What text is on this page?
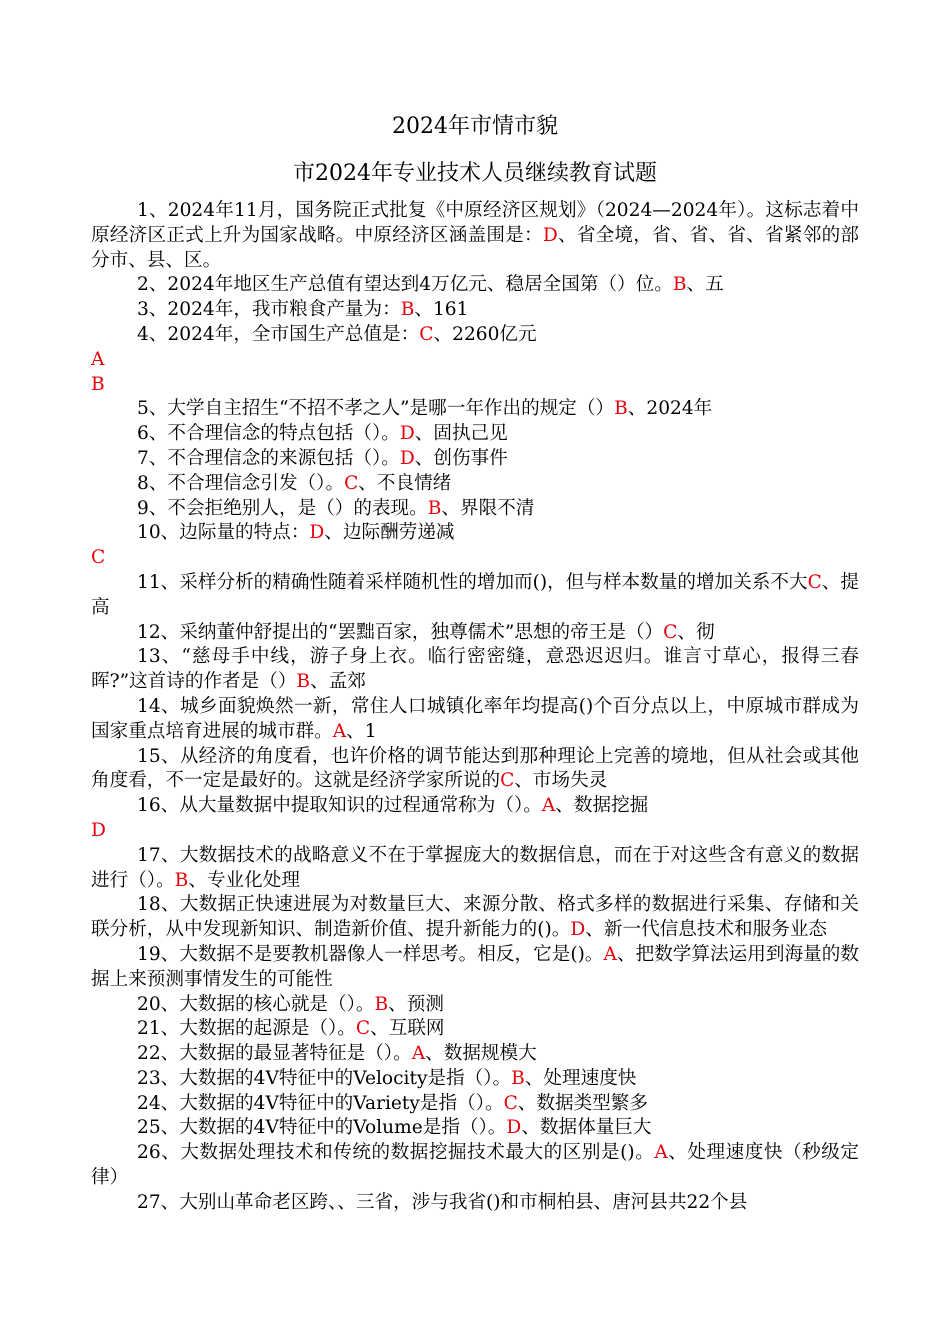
2024年市情市貌
市2024年专业技术人员继续教育试题

1、2024年11月，国务院正式批复《中原经济区规划》（2024—2024年）。这标志着中原经济区正式上升为国家战略。中原经济区涵盖围是：D、省全境，省、省、省、省紧邻的部分市、县、区。

2、2024年地区生产总值有望达到4万亿元、稳居全国第（）位。B、五

3、2024年，我市粮食产量为：B、161

4、2024年，全市国生产总值是：C、2260亿元

A

B

5、大学自主招生“不招不孝之人”是哪一年作出的规定（）B、2024年

6、不合理信念的特点包括（）。D、固执己见

7、不合理信念的来源包括（）。D、创伤事件

8、不合理信念引发（）。C、不良情绪

9、不会拒绝别人，是（）的表现。B、界限不清

10、边际量的特点：D、边际酬劳递减

C

11、采样分析的精确性随着采样随机性的增加而()，但与样本数量的增加关系不大C、提高

12、采纳董仲舒提出的“罢黜百家，独尊儒术”思想的帝王是（）C、彻

13、“慈母手中线，游子身上衣。临行密密缝，意恐迟迟归。谁言寸草心，报得三春晖?”这首诗的作者是（）B、孟郊

14、城乡面貌焕然一新，常住人口城镇化率年均提高()个百分点以上，中原城市群成为国家重点培育进展的城市群。A、1

15、从经济的角度看，也许价格的调节能达到那种理论上完善的境地，但从社会或其他角度看，不一定是最好的。这就是经济学家所说的C、市场失灵

16、从大量数据中提取知识的过程通常称为（）。A、数据挖掘

D

17、大数据技术的战略意义不在于掌握庞大的数据信息，而在于对这些含有意义的数据进行（）。B、专业化处理

18、大数据正快速进展为对数量巨大、来源分散、格式多样的数据进行采集、存储和关联分析，从中发现新知识、制造新价值、提升新能力的()。D、新一代信息技术和服务业态

19、大数据不是要教机器像人一样思考。相反，它是()。A、把数学算法运用到海量的数据上来预测事情发生的可能性

20、大数据的核心就是（）。B、预测

21、大数据的起源是（）。C、互联网

22、大数据的最显著特征是（）。A、数据规模大

23、大数据的4V特征中的Velocity是指（）。B、处理速度快

24、大数据的4V特征中的Variety是指（）。C、数据类型繁多

25、大数据的4V特征中的Volume是指（）。D、数据体量巨大

26、大数据处理技术和传统的数据挖掘技术最大的区别是()。A、处理速度快（秒级定律）

27、大别山革命老区跨、、三省，涉与我省()和市桐柏县、唐河县共22个县
